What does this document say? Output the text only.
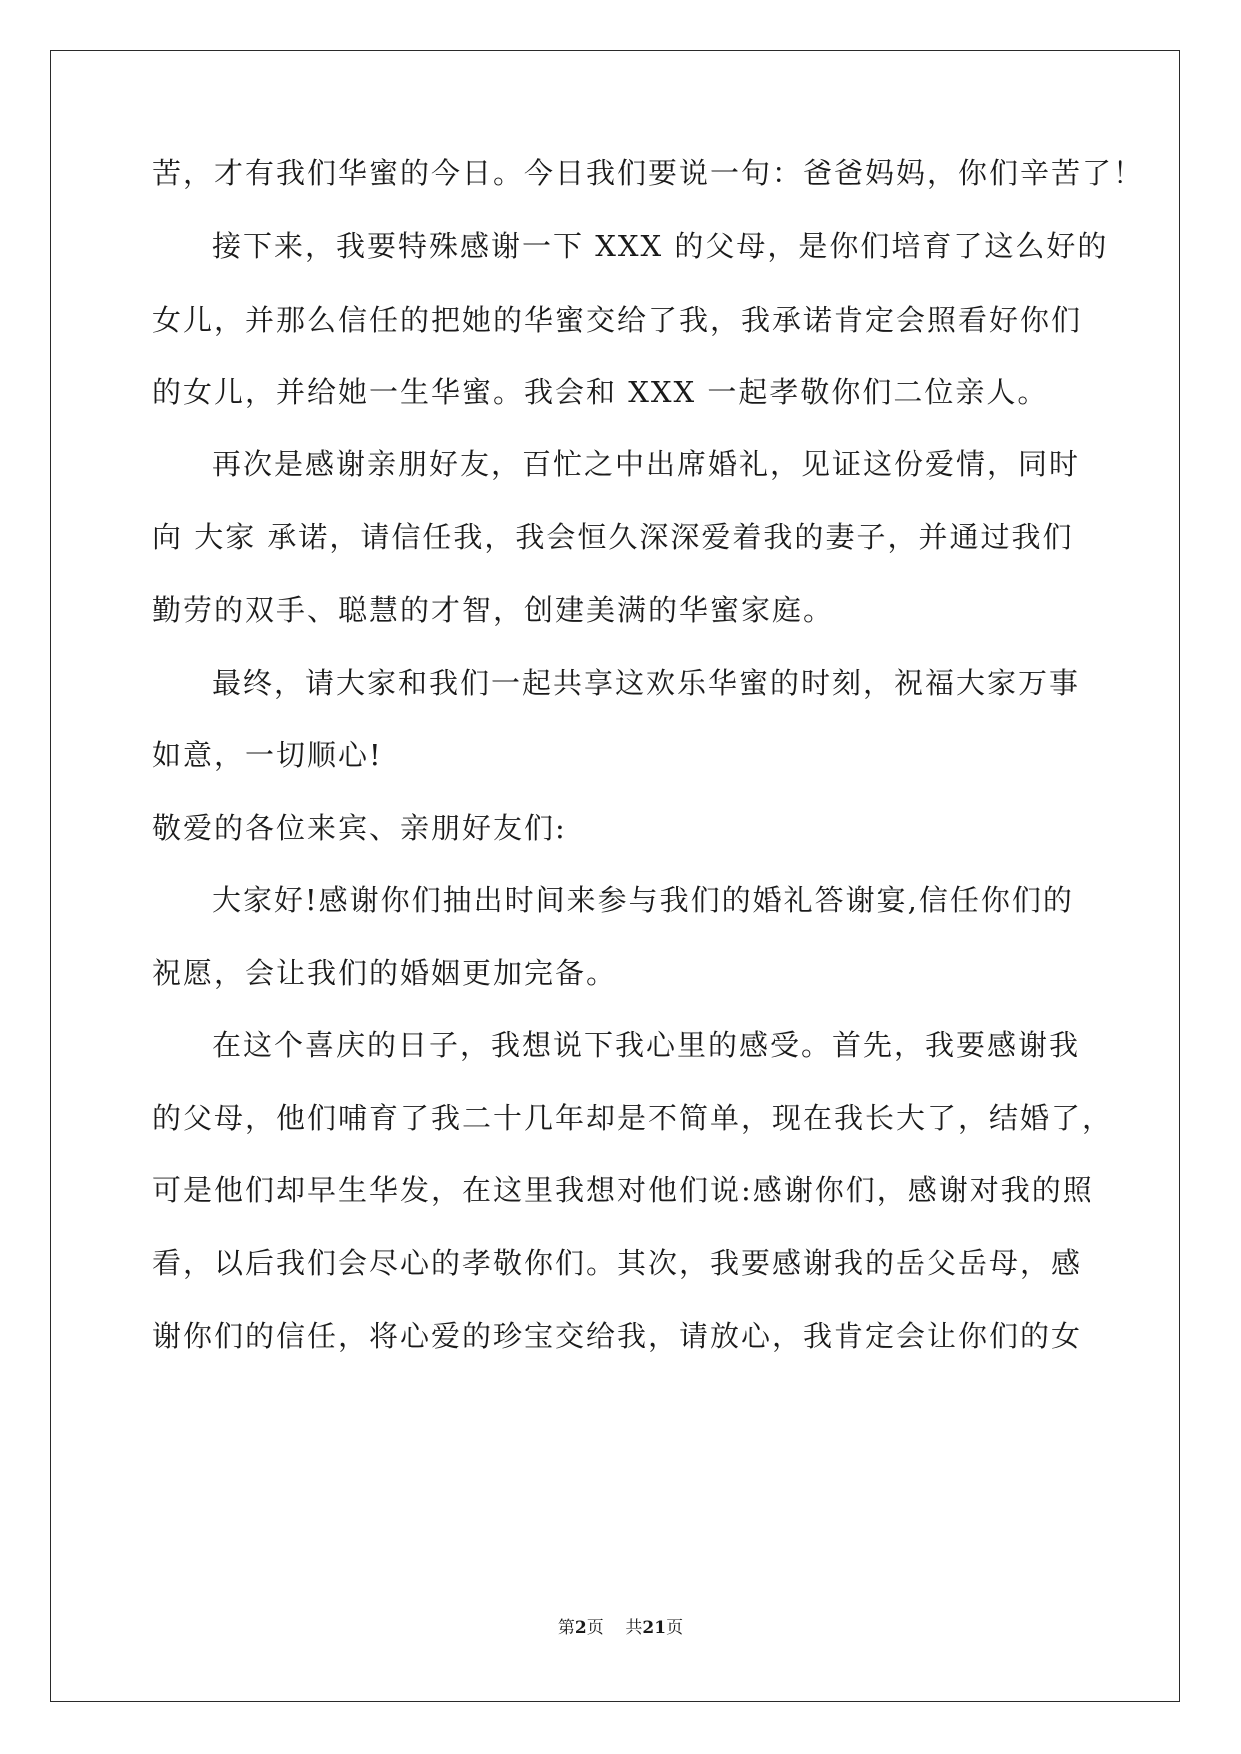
苦，才有我们华蜜的今日。今日我们要说一句：爸爸妈妈，你们辛苦了！
接下来，我要特殊感谢一下 XXX 的父母，是你们培育了这么好的
女儿，并那么信任的把她的华蜜交给了我，我承诺肯定会照看好你们
的女儿，并给她一生华蜜。我会和 XXX 一起孝敬你们二位亲人。
再次是感谢亲朋好友，百忙之中出席婚礼，见证这份爱情，同时
向 大家 承诺，请信任我，我会恒久深深爱着我的妻子，并通过我们
勤劳的双手、聪慧的才智，创建美满的华蜜家庭。
最终，请大家和我们一起共享这欢乐华蜜的时刻，祝福大家万事
如意，一切顺心!
敬爱的各位来宾、亲朋好友们:
大家好!感谢你们抽出时间来参与我们的婚礼答谢宴,信任你们的
祝愿，会让我们的婚姻更加完备。
在这个喜庆的日子，我想说下我心里的感受。首先，我要感谢我
的父母，他们哺育了我二十几年却是不简单，现在我长大了，结婚了，
可是他们却早生华发，在这里我想对他们说:感谢你们，感谢对我的照
看，以后我们会尽心的孝敬你们。其次，我要感谢我的岳父岳母，感
谢你们的信任，将心爱的珍宝交给我，请放心，我肯定会让你们的女
第2页 共21页
